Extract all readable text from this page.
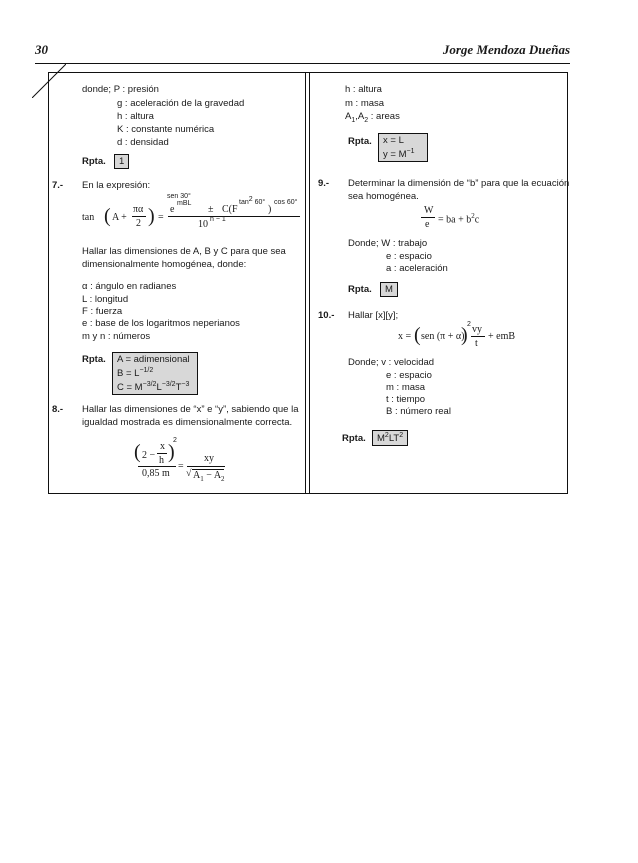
30	Jorge Mendoza Dueñas
donde; P : presión
g : aceleración de la gravedad
h : altura
K : constante numérica
d : densidad
Rpta.	1
7.- En la expresión:
tan ( A +
πα
2 ) =
sen 30°
e
mBL
± C(F
tan2 60°
)
cos 60°
10 n − 1
Hallar las dimensiones de A, B y C para que sea
dimensionalmente homogénea, donde:
α : ángulo en radianes
L : longitud
F : fuerza
e : base de los logaritmos neperianos
m y n : números
Rpta. A = adimensional
$B = L^{-1/2}$
$C = M^{-3/2}L^{-3/2}T^{-3}$
8.- Hallar las dimensiones de “x” e “y”, sabiendo que la
igualdad mostrada es dimensionalmente correcta.
( 2 −
x
h )
2
0,85 m
=
xy
√ $A_1 - A_2$
h : altura
m : masa
$A_1,A_2$ : areas
Rpta. x = L
$y = M^{-1}$
9.- Determinar la dimensión de “b” para que la ecuación
sea homogénea.
W
e = ba + $b^2c$
Donde; W : trabajo
e : espacio
a : aceleración
Rpta.	M
10.- Hallar [x][y];
x = ( sen (π + α)
) 2 vy
t
+ emB
Donde; v : velocidad
e : espacio
m : masa
t : tiempo
B : número real
Rpta.	$M^2LT^2$
